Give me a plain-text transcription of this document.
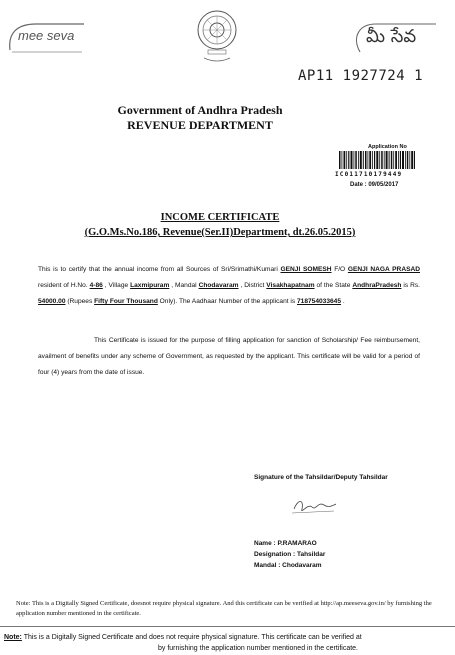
mee seva	మీ సేవ
AP11 1927724 1
Government of Andhra Pradesh
REVENUE DEPARTMENT
Application No
IC011710179449
Date : 09/05/2017
INCOME CERTIFICATE
(G.O.Ms.No.186, Revenue(Ser.II)Department, dt.26.05.2015)
This is to certify that the annual income from all Sources of Sri/Srimathi/Kumari GENJI SOMESH F/O GENJI NAGA PRASAD resident of H.No. 4-86 , Village Laxmipuram , Mandal Chodavaram , District Visakhapatnam of the State AndhraPradesh is Rs. 54000.00 (Rupees Fifty Four Thousand Only). The Aadhaar Number of the applicant is 718754033645 .
This Certificate is issued for the purpose of filling application for sanction of Scholarship/ Fee reimbursement, availment of benefits under any scheme of Government, as requested by the applicant. This certificate will be valid for a period of four (4) years from the date of issue.
Signature of the Tahsildar/Deputy Tahsildar
Name : P.RAMARAO
Designation : Tahsildar
Mandal : Chodavaram
Note: This is a Digitally Signed Certificate, doesnot require physical signature. And this certificate can be verified at http://ap.meeseva.gov.in/ by furnishing the application number mentioned in the certificate.
Note: This is a Digitally Signed Certificate and does not require physical signature. This certificate can be verified at
by furnishing the application number mentioned in the certificate.
